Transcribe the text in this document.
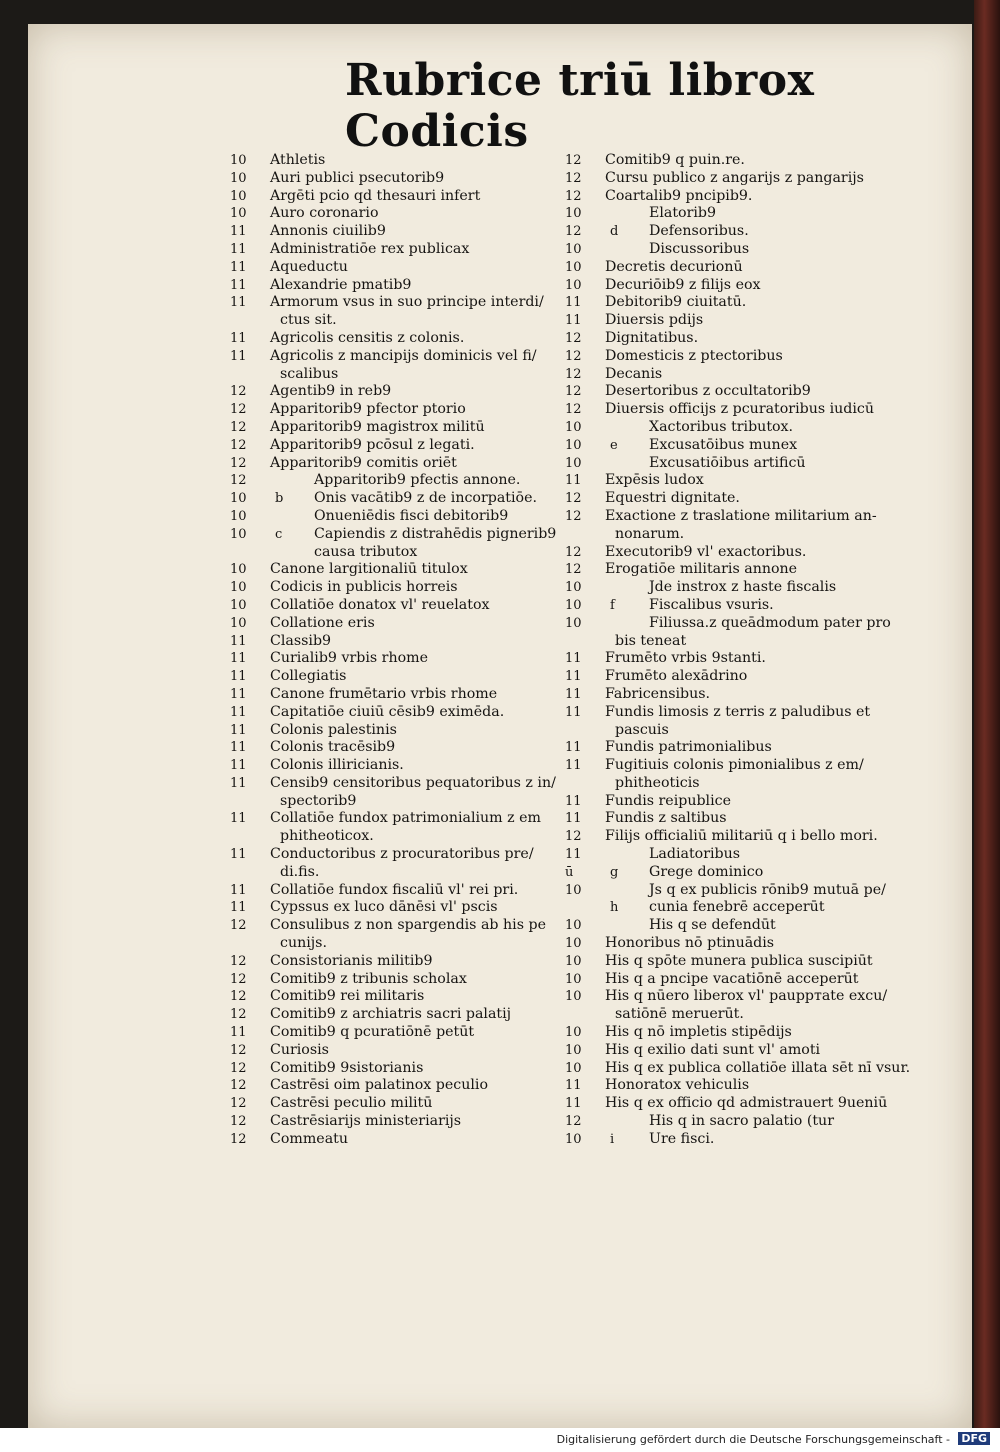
Rubrice triū librox Codicis
10	Athletis
10	Auri publici psecutorib9
10	Argēti pcio qd thesauri infert
10	Auro coronario
11	Annonis ciuilib9
11	Administratiōe rex publicax
11	Aqueductu
11	Alexandrie pmatib9
11	Armorum vsus in suo principe interdi/
ctus sit.
11	Agricolis censitis z colonis.
11	Agricolis z mancipijs dominicis vel fi/
scalibus
12	Agentib9 in reb9
12	Apparitorib9 pfector ptorio
12	Apparitorib9 magistrox militū
12	Apparitorib9 pcōsul z legati.
12	Apparitorib9 comitis oriēt
12	Apparitorib9 pfectis annone.
10	b	Onis vacātib9 z de incorpatiōe.
10	Onueniēdis fisci debitorib9
10	c	Capiendis z distrahēdis pignerib9
causa tributox
10	Canone largitionaliū titulox
10	Codicis in publicis horreis
10	Collatiōe donatox vl' reuelatox
10	Collatione eris
11	Classib9
11	Curialib9 vrbis rhome
11	Collegiatis
11	Canone frumētario vrbis rhome
11	Capitatiōe ciuiū cēsib9 eximēda.
11	Colonis palestinis
11	Colonis tracēsib9
11	Colonis illiricianis.
11	Censib9 censitoribus pequatoribus z in/
spectorib9
11	Collatiōe fundox patrimonialium z em
phitheoticox.
11	Conductoribus z procuratoribus pre/
di.fis.
11	Collatiōe fundox fiscaliū vl' rei pri.
11	Cypssus ex luco dānēsi vl' pscis
12	Consulibus z non spargendis ab his pe
cunijs.
12	Consistorianis militib9
12	Comitib9 z tribunis scholax
12	Comitib9 rei militaris
12	Comitib9 z archiatris sacri palatij
11	Comitib9 q pcuratiōnē petūt
12	Curiosis
12	Comitib9 9sistorianis
12	Castrēsi oim palatinox peculio
12	Castrēsi peculio militū
12	Castrēsiarijs ministeriarijs
12	Commeatu
12	Comitib9 q puin.re.
12	Cursu publico z angarijs z pangarijs
12	Coartalib9 pncipib9.
10	Elatorib9
12	d	Defensoribus.
10	Discussoribus
10	Decretis decurionū
10	Decuriōib9 z filijs eox
11	Debitorib9 ciuitatū.
11	Diuersis pdijs
12	Dignitatibus.
12	Domesticis z ptectoribus
12	Decanis
12	Desertoribus z occultatorib9
12	Diuersis officijs z pcuratoribus iudicū
10	Xactoribus tributox.
10	e	Excusatōibus munex
10	Excusatiōibus artificū
11	Expēsis ludox
12	Equestri dignitate.
12	Exactione z traslatione militarium an-
nonarum.
12	Executorib9 vl' exactoribus.
12	Erogatiōe militaris annone
10	Jde instrox z haste fiscalis
10	f	Fiscalibus vsuris.
10	Filiussa.z queādmodum pater pro
bis teneat
11	Frumēto vrbis 9stanti.
11	Frumēto alexādrino
11	Fabricensibus.
11	Fundis limosis z terris z paludibus et
pascuis
11	Fundis patrimonialibus
11	Fugitiuis colonis pimonialibus z em/
phitheoticis
11	Fundis reipublice
11	Fundis z saltibus
12	Filijs officialiū militariū q i bello mori.
11	Ladiatoribus
ū	g	Grege dominico
10	Js q ex publicis rōnib9 mutuā pe/
h	cunia fenebrē acceperūt
10	His q se defendūt
10	Honoribus nō ptinuādis
10	His q spōte munera publica suscipiūt
10	His q a pncipe vacatiōnē acceperūt
10	His q nūero liberox vl' paupртate excu/
satiōnē meruerūt.
10	His q nō impletis stipēdijs
10	His q exilio dati sunt vl' amoti
10	His q ex publica collatiōe illata sēt nī vsur.
11	Honoratox vehiculis
11	His q ex officio qd admistrauert 9ueniū
12	His q in sacro palatio (tur
10	i	Ure fisci.
Digitalisierung gefördert durch die Deutsche Forschungsgemeinschaft - DFG
